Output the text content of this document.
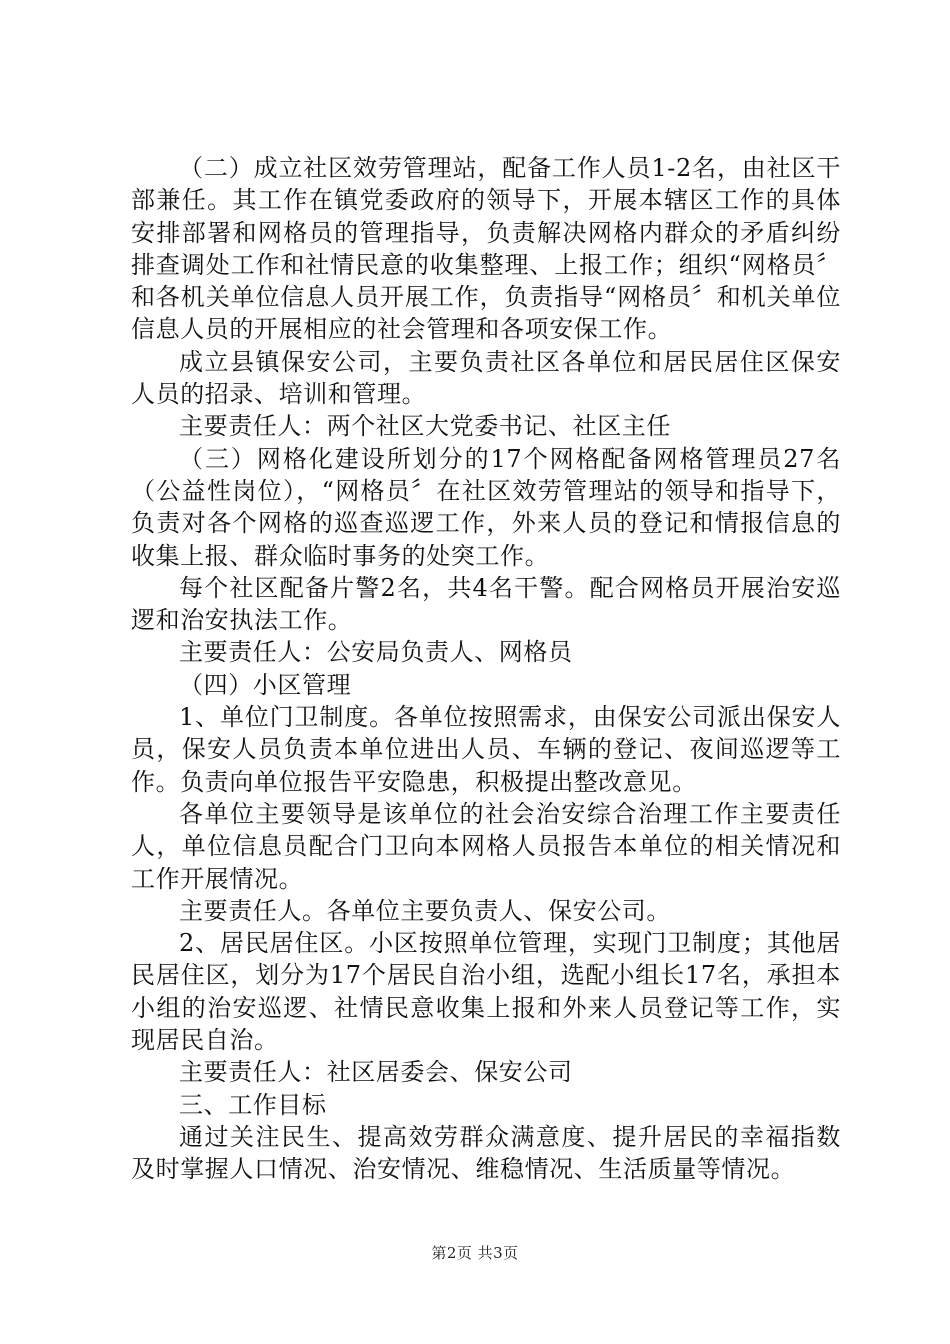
（二）成立社区效劳管理站，配备工作人员1-2名，由社区干部兼任。其工作在镇党委政府的领导下，开展本辖区工作的具体安排部署和网格员的管理指导，负责解决网格内群众的矛盾纠纷排查调处工作和社情民意的收集整理、上报工作；组织“网格员〞和各机关单位信息人员开展工作，负责指导“网格员〞和机关单位信息人员的开展相应的社会管理和各项安保工作。

成立县镇保安公司，主要负责社区各单位和居民居住区保安人员的招录、培训和管理。

主要责任人：两个社区大党委书记、社区主任

（三）网格化建设所划分的17个网格配备网格管理员27名（公益性岗位），“网格员〞在社区效劳管理站的领导和指导下，负责对各个网格的巡查巡逻工作，外来人员的登记和情报信息的收集上报、群众临时事务的处突工作。

每个社区配备片警2名，共4名干警。配合网格员开展治安巡逻和治安执法工作。

主要责任人：公安局负责人、网格员

（四）小区管理

1、单位门卫制度。各单位按照需求，由保安公司派出保安人员，保安人员负责本单位进出人员、车辆的登记、夜间巡逻等工作。负责向单位报告平安隐患，积极提出整改意见。

各单位主要领导是该单位的社会治安综合治理工作主要责任人，单位信息员配合门卫向本网格人员报告本单位的相关情况和工作开展情况。

主要责任人。各单位主要负责人、保安公司。

2、居民居住区。小区按照单位管理，实现门卫制度；其他居民居住区，划分为17个居民自治小组，选配小组长17名，承担本小组的治安巡逻、社情民意收集上报和外来人员登记等工作，实现居民自治。

主要责任人：社区居委会、保安公司

三、工作目标

通过关注民生、提高效劳群众满意度、提升居民的幸福指数及时掌握人口情况、治安情况、维稳情况、生活质量等情况。

第2页 共3页
